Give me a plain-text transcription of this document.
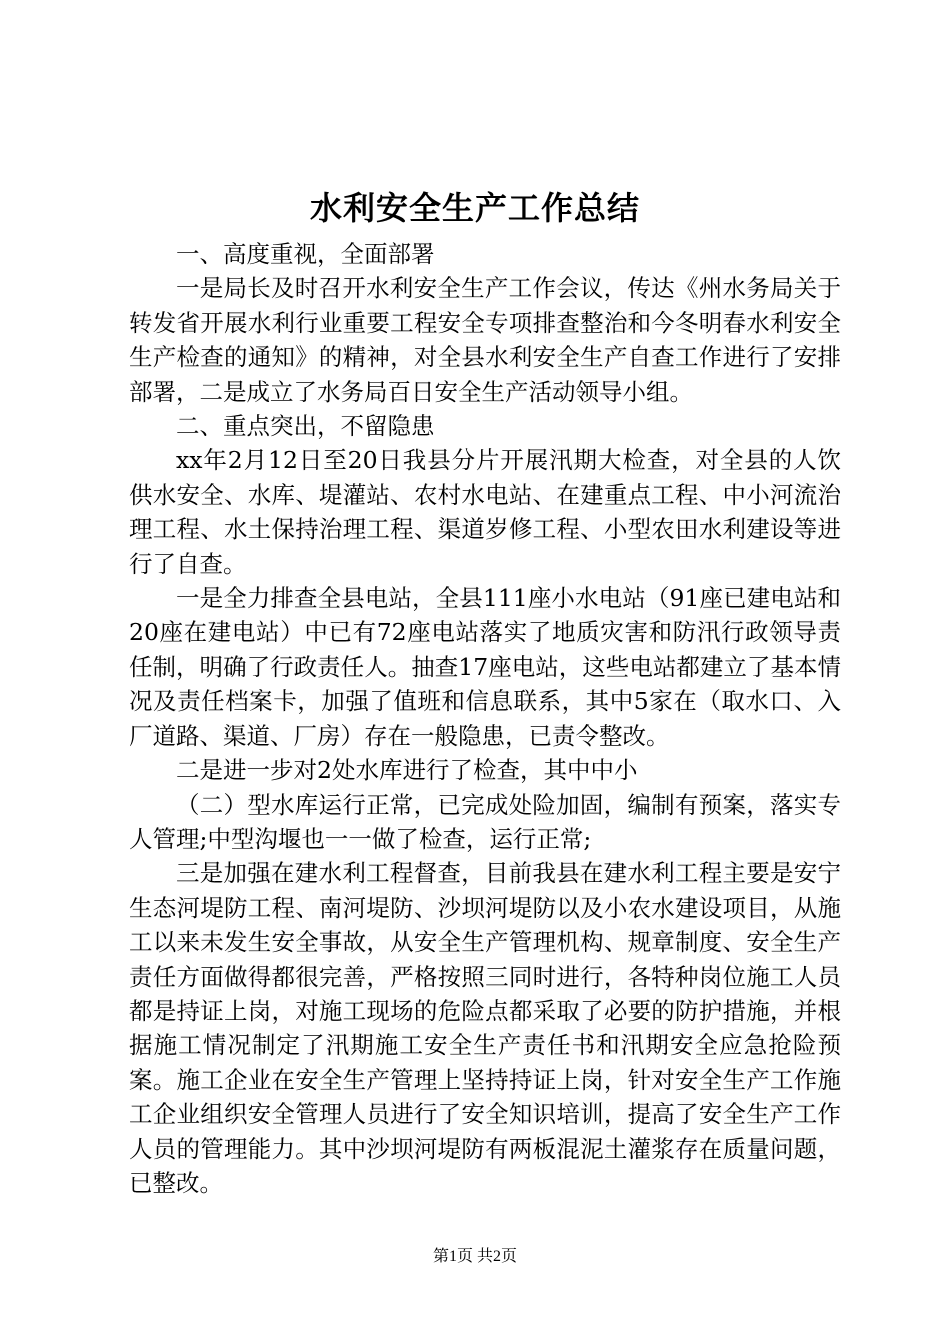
水利安全生产工作总结

一、高度重视，全面部署

一是局长及时召开水利安全生产工作会议，传达《州水务局关于转发省开展水利行业重要工程安全专项排查整治和今冬明春水利安全生产检查的通知》的精神，对全县水利安全生产自查工作进行了安排部署，二是成立了水务局百日安全生产活动领导小组。

二、重点突出，不留隐患

xx年2月12日至20日我县分片开展汛期大检查，对全县的人饮供水安全、水库、堤灌站、农村水电站、在建重点工程、中小河流治理工程、水土保持治理工程、渠道岁修工程、小型农田水利建设等进行了自查。

一是全力排查全县电站，全县111座小水电站（91座已建电站和20座在建电站）中已有72座电站落实了地质灾害和防汛行政领导责任制，明确了行政责任人。抽查17座电站，这些电站都建立了基本情况及责任档案卡，加强了值班和信息联系，其中5家在（取水口、入厂道路、渠道、厂房）存在一般隐患，已责令整改。

二是进一步对2处水库进行了检查，其中中小

（二）型水库运行正常，已完成处险加固，编制有预案，落实专人管理;中型沟堰也一一做了检查，运行正常;

三是加强在建水利工程督查，目前我县在建水利工程主要是安宁生态河堤防工程、南河堤防、沙坝河堤防以及小农水建设项目，从施工以来未发生安全事故，从安全生产管理机构、规章制度、安全生产责任方面做得都很完善，严格按照三同时进行，各特种岗位施工人员都是持证上岗，对施工现场的危险点都采取了必要的防护措施，并根据施工情况制定了汛期施工安全生产责任书和汛期安全应急抢险预案。施工企业在安全生产管理上坚持持证上岗，针对安全生产工作施工企业组织安全管理人员进行了安全知识培训，提高了安全生产工作人员的管理能力。其中沙坝河堤防有两板混泥土灌浆存在质量问题，已整改。

第1页 共2页
